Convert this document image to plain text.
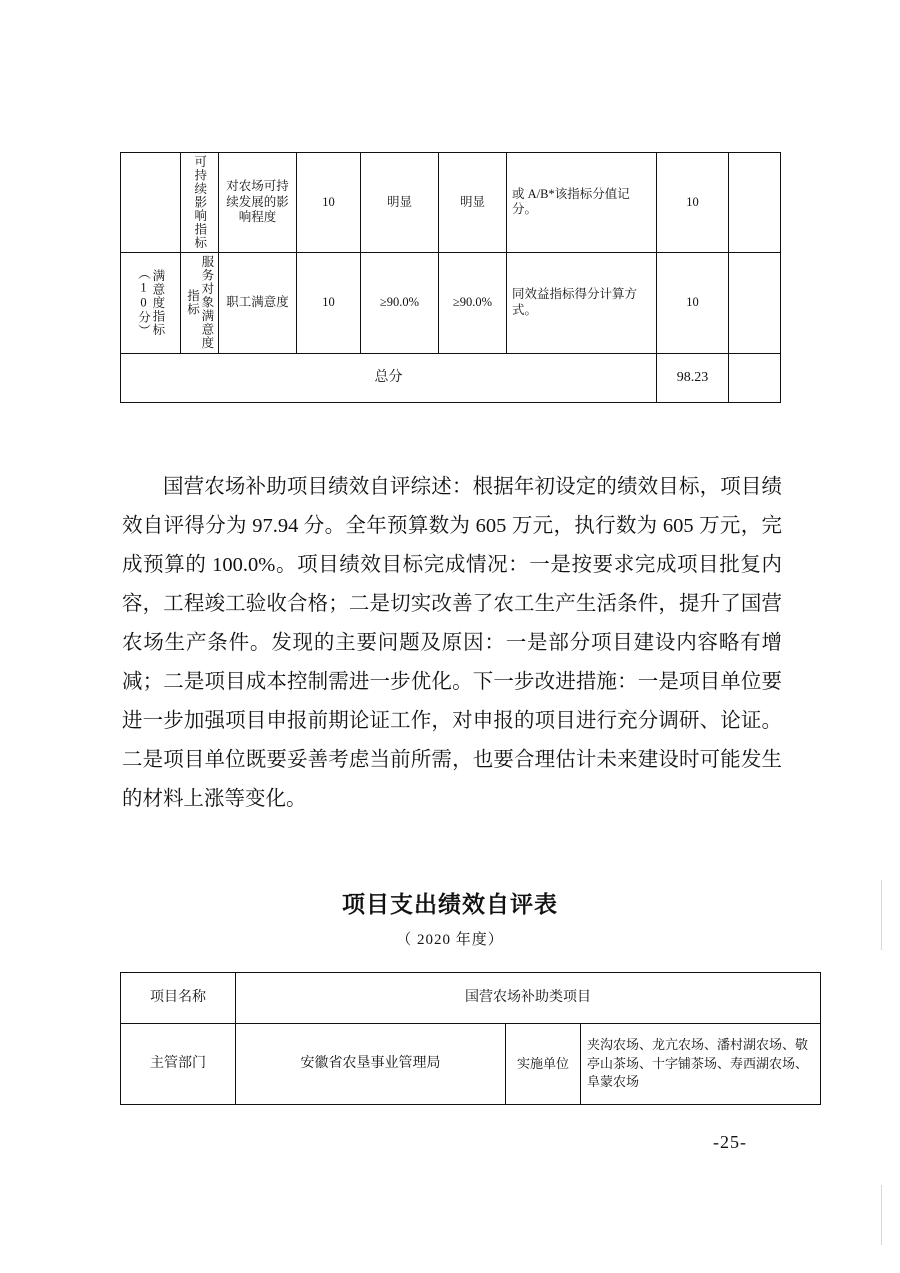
	可持续影响指标	对农场可持续发展的影响程度	10	明显	明显	或 A/B*该指标分值记分。	10	

满意度指标（10分）	服务对象满意度指标	职工满意度	10	≥90.0%	≥90.0%	同效益指标得分计算方式。	10	
总分							98.23	
国营农场补助项目绩效自评综述：根据年初设定的绩效目标，项目绩效自评得分为 97.94 分。全年预算数为 605 万元，执行数为 605 万元，完成预算的 100.0%。项目绩效目标完成情况：一是按要求完成项目批复内容，工程竣工验收合格；二是切实改善了农工生产生活条件，提升了国营农场生产条件。发现的主要问题及原因：一是部分项目建设内容略有增减；二是项目成本控制需进一步优化。下一步改进措施：一是项目单位要进一步加强项目申报前期论证工作，对申报的项目进行充分调研、论证。二是项目单位既要妥善考虑当前所需，也要合理估计未来建设时可能发生的材料上涨等变化。
项目支出绩效自评表
（ 2020 年度）
项目名称	国营农场补助类项目		
主管部门	安徽省农垦事业管理局	实施单位	夹沟农场、龙亢农场、潘村湖农场、敬亭山茶场、十字铺茶场、寿西湖农场、阜蒙农场
-25-
